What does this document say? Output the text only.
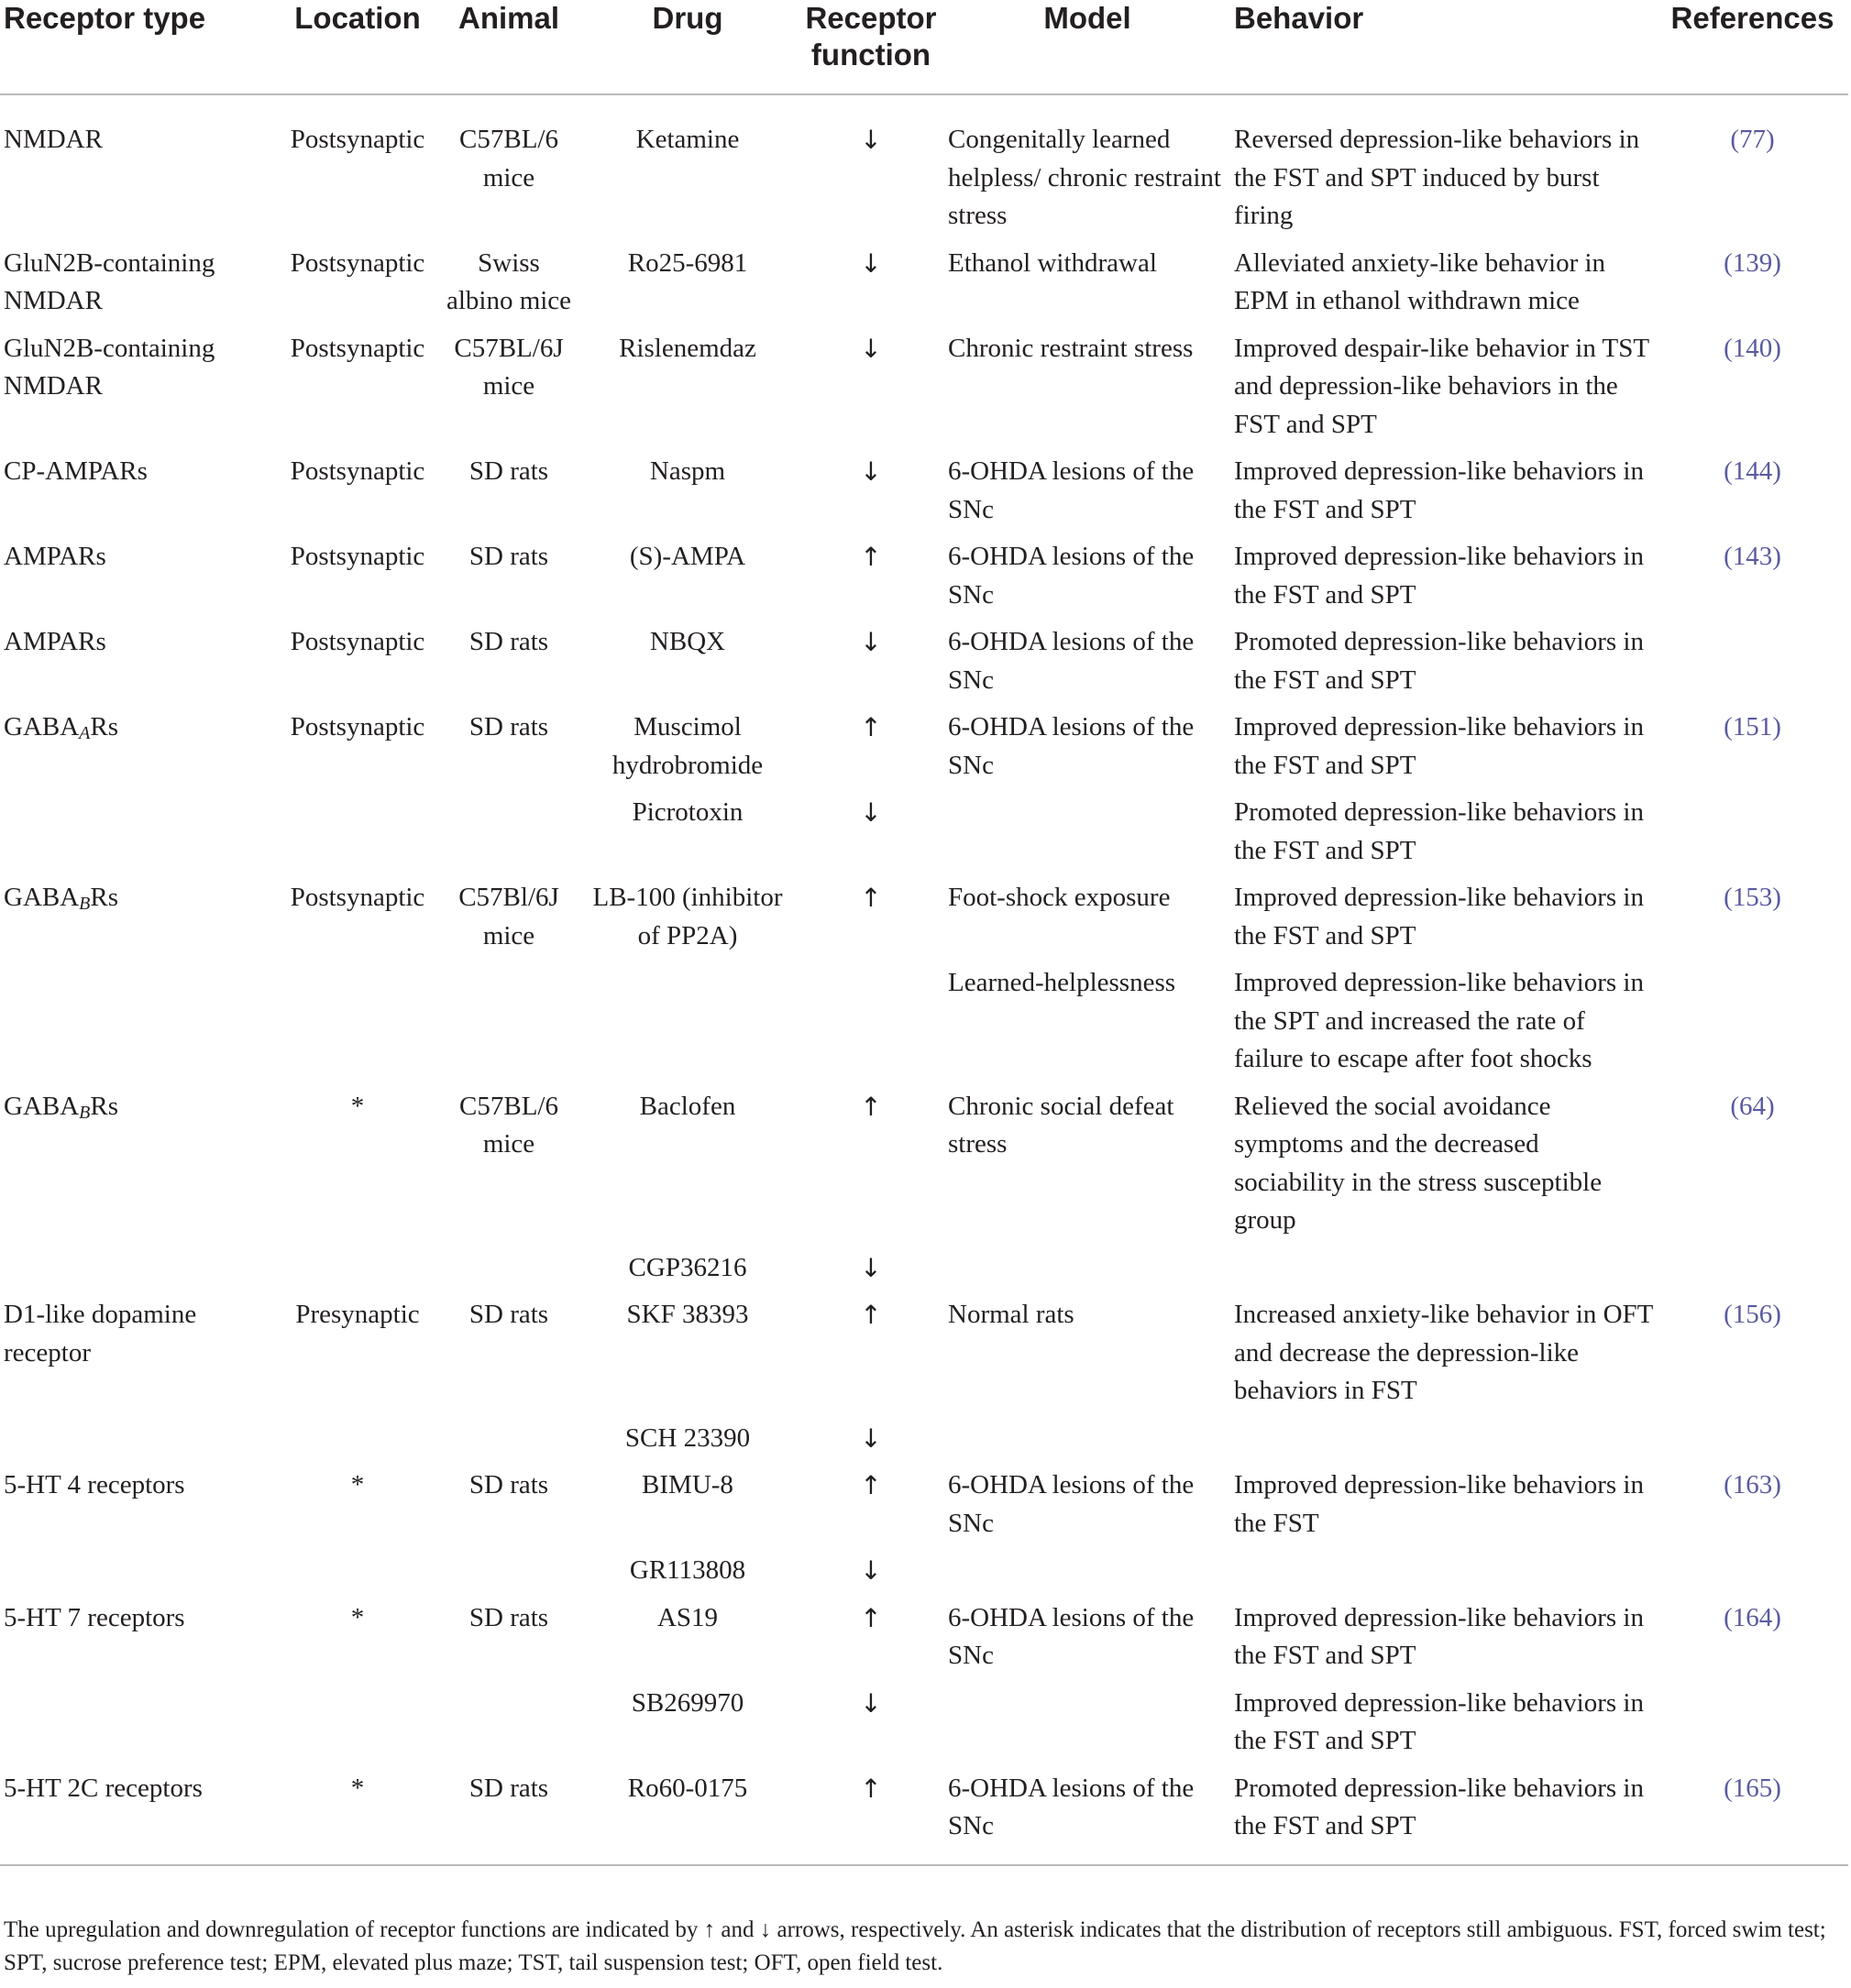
Receptor type	Location	Animal	Drug	Receptor function	Model	Behavior	References
NMDAR	Postsynaptic	C57BL/6 mice	Ketamine	↓	Congenitally learned helpless/ chronic restraint stress	Reversed depression-like behaviors in the FST and SPT induced by burst firing	(77)
GluN2B-containing NMDAR	Postsynaptic	Swiss albino mice	Ro25-6981	↓	Ethanol withdrawal	Alleviated anxiety-like behavior in EPM in ethanol withdrawn mice	(139)
GluN2B-containing NMDAR	Postsynaptic	C57BL/6J mice	Rislenemdaz	↓	Chronic restraint stress	Improved despair-like behavior in TST and depression-like behaviors in the FST and SPT	(140)
CP-AMPARs	Postsynaptic	SD rats	Naspm	↓	6-OHDA lesions of the SNc	Improved depression-like behaviors in the FST and SPT	(144)
AMPARs	Postsynaptic	SD rats	(S)-AMPA	↑	6-OHDA lesions of the SNc	Improved depression-like behaviors in the FST and SPT	(143)
AMPARs	Postsynaptic	SD rats	NBQX	↓	6-OHDA lesions of the SNc	Promoted depression-like behaviors in the FST and SPT	
$GABA_ARs$	Postsynaptic	SD rats	Muscimol hydrobromide	↑	6-OHDA lesions of the SNc	Improved depression-like behaviors in the FST and SPT	(151)
			Picrotoxin	↓		Promoted depression-like behaviors in the FST and SPT	
$GABA_BRs$	Postsynaptic	C57Bl/6J mice	LB-100 (inhibitor of PP2A)	↑	Foot-shock exposure	Improved depression-like behaviors in the FST and SPT	(153)
					Learned-helplessness	Improved depression-like behaviors in the SPT and increased the rate of failure to escape after foot shocks	
$GABA_BRs$	*	C57BL/6 mice	Baclofen	↑	Chronic social defeat stress	Relieved the social avoidance symptoms and the decreased sociability in the stress susceptible group	(64)
			CGP36216	↓			
D1-like dopamine receptor	Presynaptic	SD rats	SKF 38393	↑	Normal rats	Increased anxiety-like behavior in OFT and decrease the depression-like behaviors in FST	(156)
			SCH 23390	↓			
5-HT 4 receptors	*	SD rats	BIMU-8	↑	6-OHDA lesions of the SNc	Improved depression-like behaviors in the FST	(163)
			GR113808	↓			
5-HT 7 receptors	*	SD rats	AS19	↑	6-OHDA lesions of the SNc	Improved depression-like behaviors in the FST and SPT	(164)
			SB269970	↓		Improved depression-like behaviors in the FST and SPT	
5-HT 2C receptors	*	SD rats	Ro60-0175	↑	6-OHDA lesions of the SNc	Promoted depression-like behaviors in the FST and SPT	(165)

The upregulation and downregulation of receptor functions are indicated by ↑ and ↓ arrows, respectively. An asterisk indicates that the distribution of receptors still ambiguous. FST, forced swim test; SPT, sucrose preference test; EPM, elevated plus maze; TST, tail suspension test; OFT, open field test.
